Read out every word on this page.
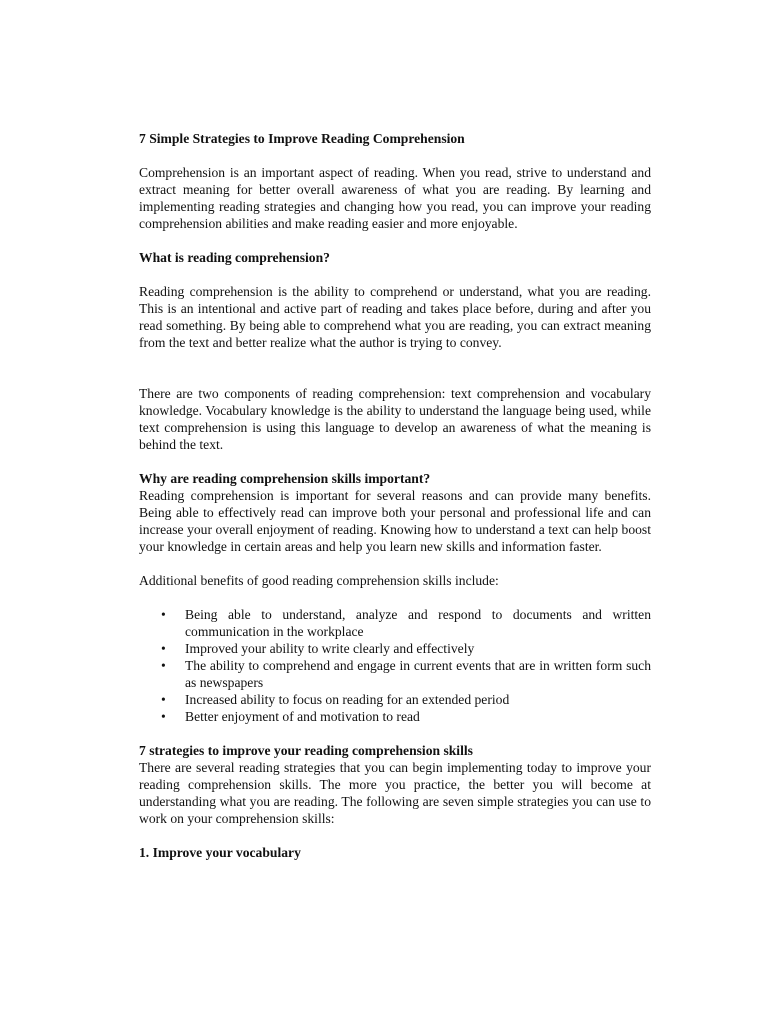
7 Simple Strategies to Improve Reading Comprehension

Comprehension is an important aspect of reading. When you read, strive to understand and extract meaning for better overall awareness of what you are reading. By learning and implementing reading strategies and changing how you read, you can improve your reading comprehension abilities and make reading easier and more enjoyable.

What is reading comprehension?

Reading comprehension is the ability to comprehend or understand, what you are reading. This is an intentional and active part of reading and takes place before, during and after you read something. By being able to comprehend what you are reading, you can extract meaning from the text and better realize what the author is trying to convey.

There are two components of reading comprehension: text comprehension and vocabulary knowledge. Vocabulary knowledge is the ability to understand the language being used, while text comprehension is using this language to develop an awareness of what the meaning is behind the text.

Why are reading comprehension skills important?

Reading comprehension is important for several reasons and can provide many benefits. Being able to effectively read can improve both your personal and professional life and can increase your overall enjoyment of reading. Knowing how to understand a text can help boost your knowledge in certain areas and help you learn new skills and information faster.

Additional benefits of good reading comprehension skills include:

• Being able to understand, analyze and respond to documents and written communication in the workplace
• Improved your ability to write clearly and effectively
• The ability to comprehend and engage in current events that are in written form such as newspapers
• Increased ability to focus on reading for an extended period
• Better enjoyment of and motivation to read

7 strategies to improve your reading comprehension skills

There are several reading strategies that you can begin implementing today to improve your reading comprehension skills. The more you practice, the better you will become at understanding what you are reading. The following are seven simple strategies you can use to work on your comprehension skills:

1. Improve your vocabulary
